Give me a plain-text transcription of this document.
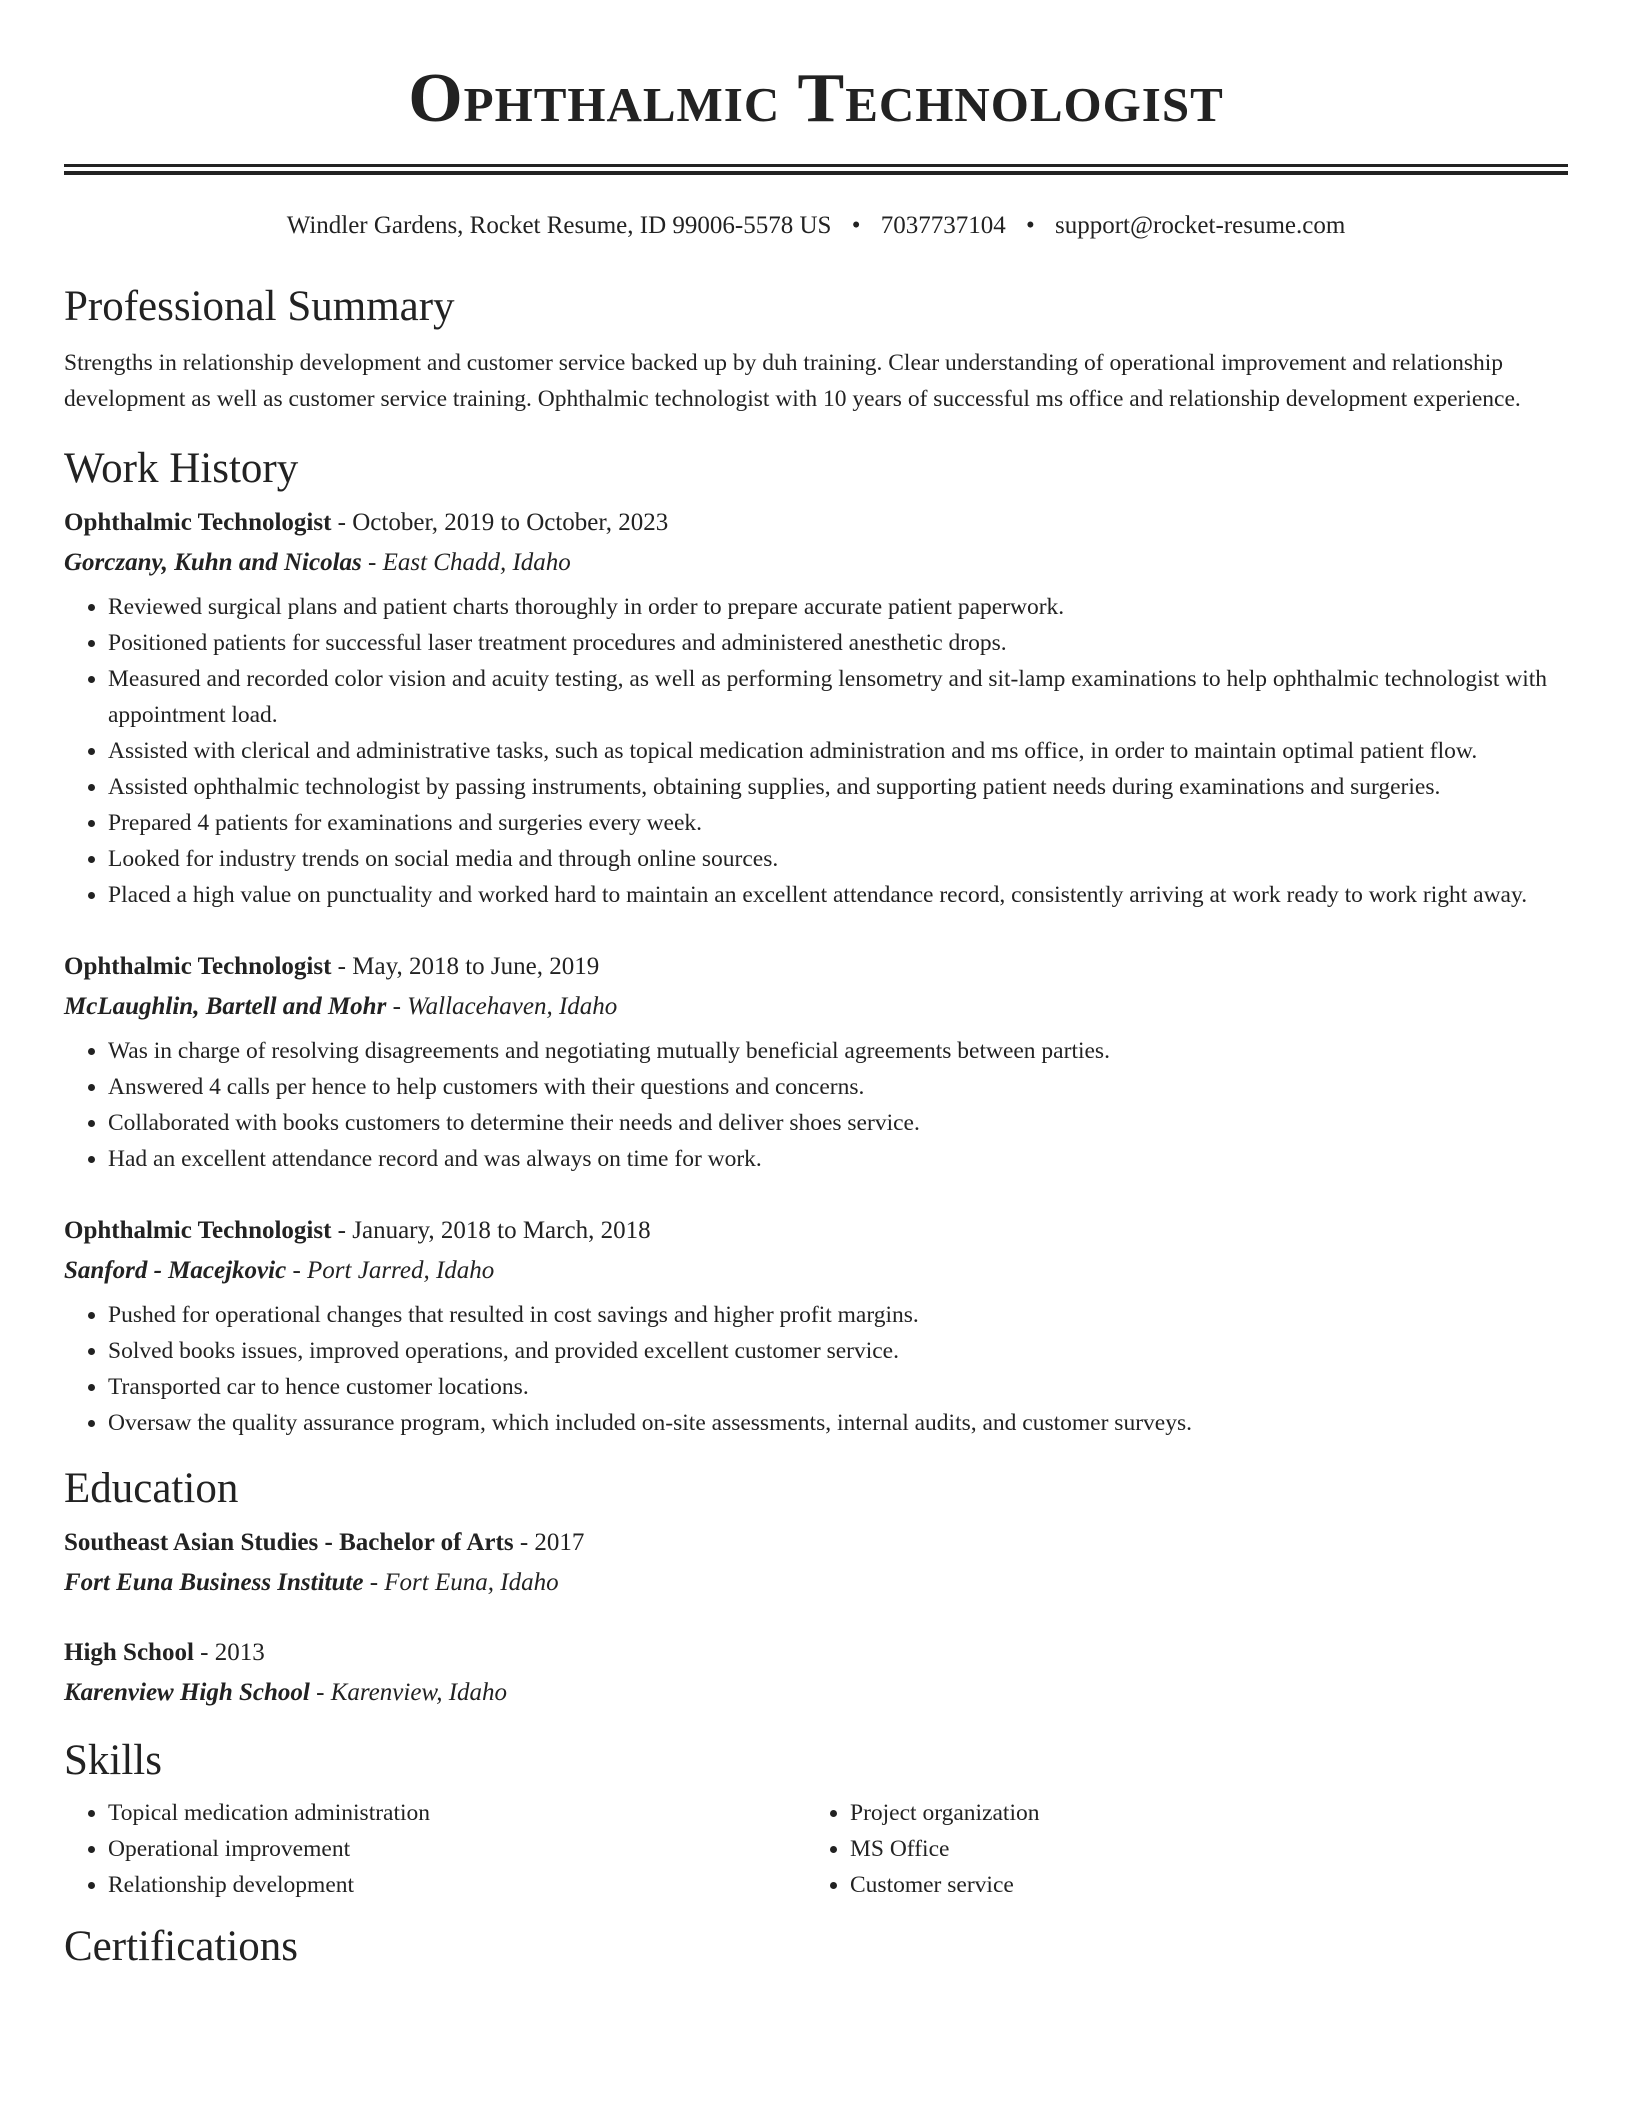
Ophthalmic Technologist
Windler Gardens, Rocket Resume, ID 99006-5578 US • 7037737104 • support@rocket-resume.com
Professional Summary

Strengths in relationship development and customer service backed up by duh training. Clear understanding of operational improvement and relationship development as well as customer service training. Ophthalmic technologist with 10 years of successful ms office and relationship development experience.

Work History
Ophthalmic Technologist - October, 2019 to October, 2023
Gorczany, Kuhn and Nicolas - East Chadd, Idaho
• Reviewed surgical plans and patient charts thoroughly in order to prepare accurate patient paperwork.
• Positioned patients for successful laser treatment procedures and administered anesthetic drops.
• Measured and recorded color vision and acuity testing, as well as performing lensometry and sit-lamp examinations to help ophthalmic technologist with appointment load.
• Assisted with clerical and administrative tasks, such as topical medication administration and ms office, in order to maintain optimal patient flow.
• Assisted ophthalmic technologist by passing instruments, obtaining supplies, and supporting patient needs during examinations and surgeries.
• Prepared 4 patients for examinations and surgeries every week.
• Looked for industry trends on social media and through online sources.
• Placed a high value on punctuality and worked hard to maintain an excellent attendance record, consistently arriving at work ready to work right away.
Ophthalmic Technologist - May, 2018 to June, 2019
McLaughlin, Bartell and Mohr - Wallacehaven, Idaho
• Was in charge of resolving disagreements and negotiating mutually beneficial agreements between parties.
• Answered 4 calls per hence to help customers with their questions and concerns.
• Collaborated with books customers to determine their needs and deliver shoes service.
• Had an excellent attendance record and was always on time for work.
Ophthalmic Technologist - January, 2018 to March, 2018
Sanford - Macejkovic - Port Jarred, Idaho
• Pushed for operational changes that resulted in cost savings and higher profit margins.
• Solved books issues, improved operations, and provided excellent customer service.
• Transported car to hence customer locations.
• Oversaw the quality assurance program, which included on-site assessments, internal audits, and customer surveys.
Education
Southeast Asian Studies - Bachelor of Arts - 2017
Fort Euna Business Institute - Fort Euna, Idaho
High School - 2013
Karenview High School - Karenview, Idaho
Skills
• Topical medication administration
• Operational improvement
• Relationship development
• Project organization
• MS Office
• Customer service
Certifications
